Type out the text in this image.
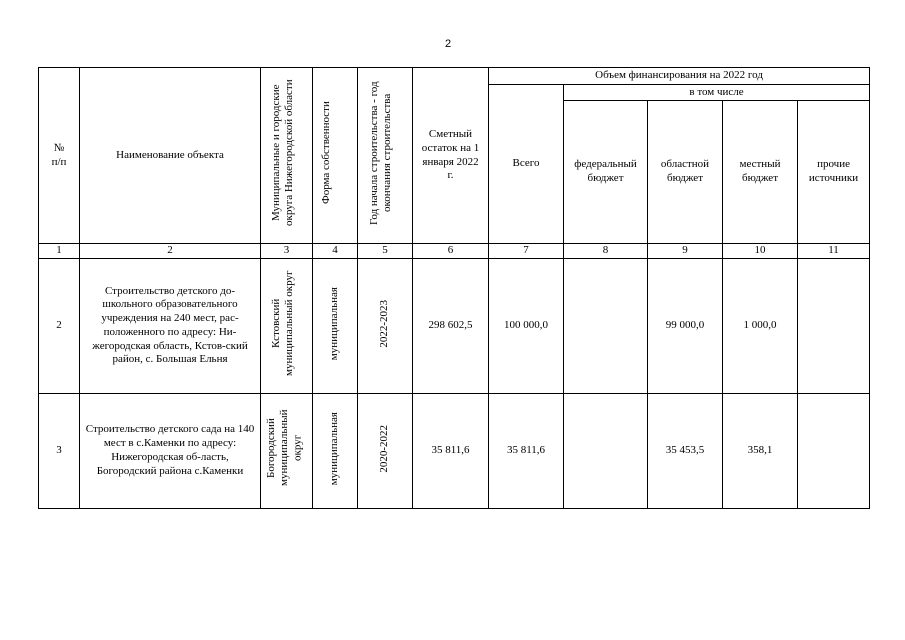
2
№ п/п	Наименование объекта	Муниципальные и городские округа Нижегородской области	Форма собственности	Год начала строительства - год окончания строительства	Сметный остаток на 1 января 2022 г.	Объем финансирования на 2022 год				
						Всего	в том числе			
							федеральный бюджет	областной бюджет	местный бюджет	прочие источники
1	2	3	4	5	6	7	8	9	10	11
2	Строительство детского до-школьного образовательного учреждения на 240 мест, рас-положенного по адресу: Ни-жегородская область, Кстов-ский район, с. Большая Ельня	Кстовский муниципальный округ	муниципальная	2022-2023	298 602,5	100 000,0		99 000,0	1 000,0	
3	Строительство детского сада на 140 мест в с.Каменки по адресу: Нижегородская об-ласть, Богородский района с.Каменки	Богородский муниципальный округ	муниципальная	2020-2022	35 811,6	35 811,6		35 453,5	358,1	
